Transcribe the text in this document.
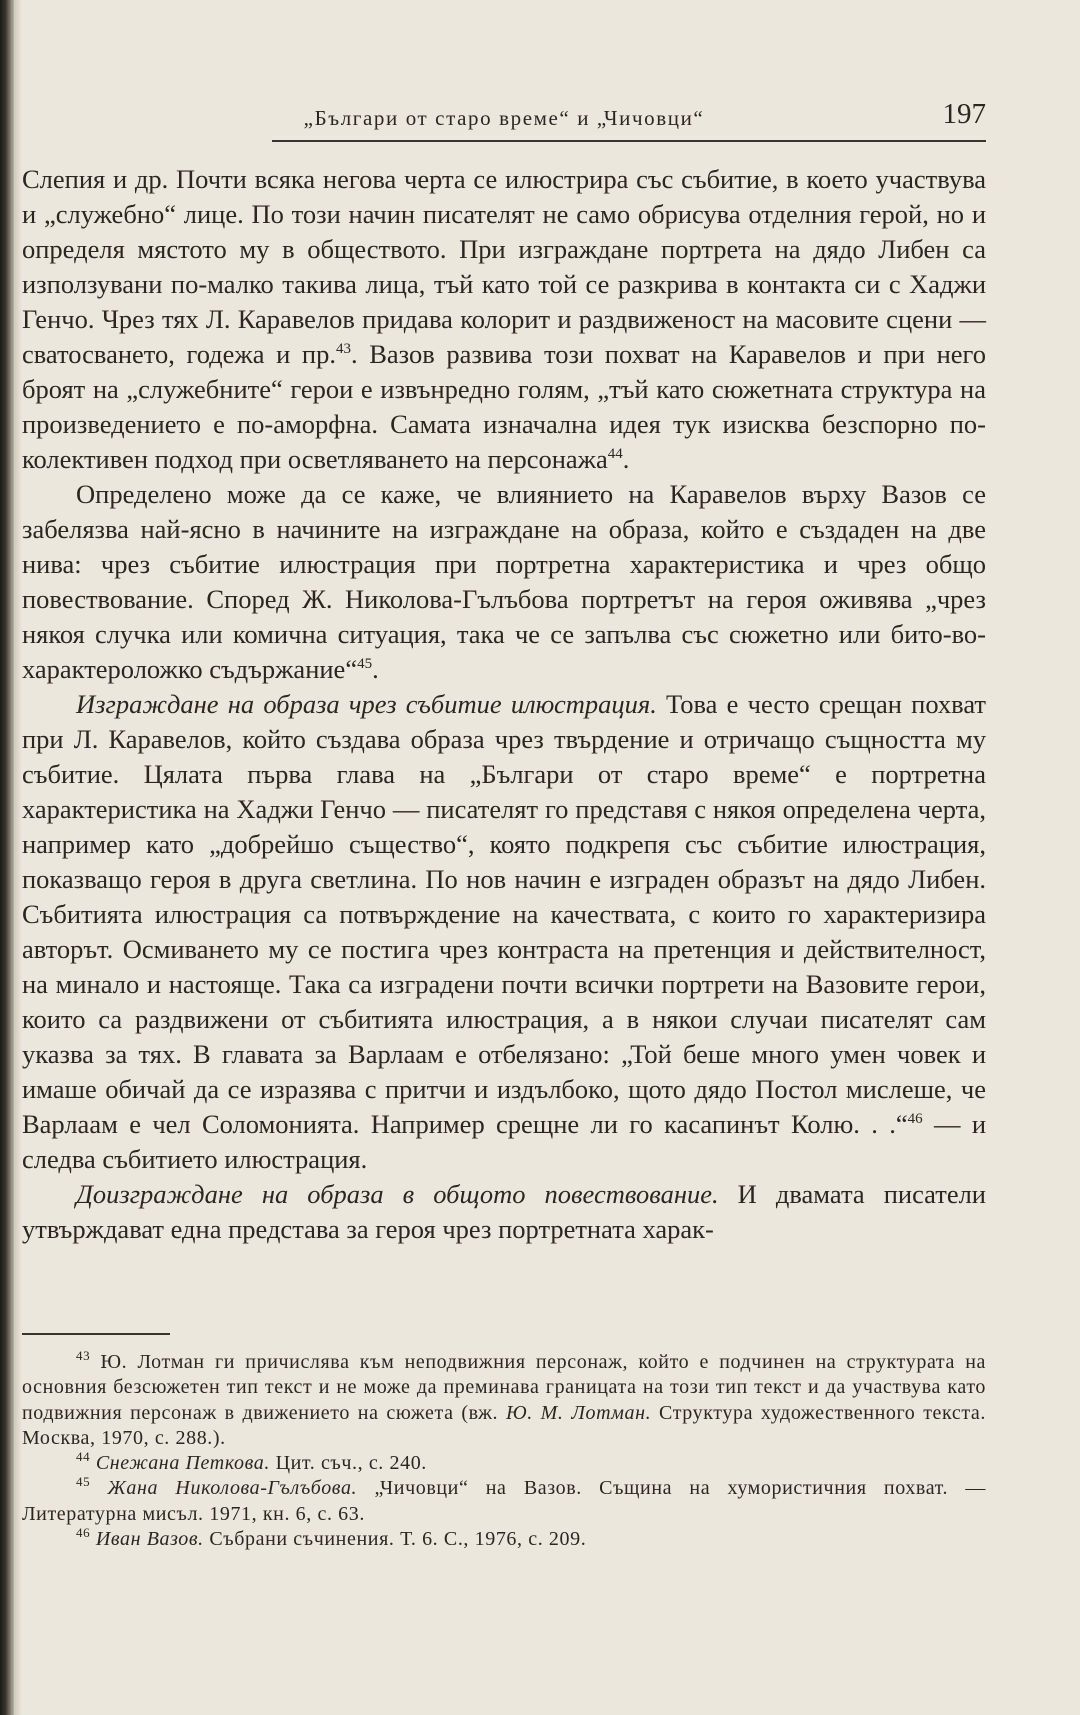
„Българи от старо време“ и „Чичовци“	197

Слепия и др. Почти всяка негова черта се илюстрира със събитие, в което участвува и „служебно“ лице. По този начин писателят не само обрисува отделния герой, но и определя мястото му в обществото. При изграждане портрета на дядо Либен са използувани по-малко такива лица, тъй като той се разкрива в контакта си с Хаджи Генчо. Чрез тях Л. Каравелов придава колорит и раздвиженост на масовите сцени — сватосването, годежа и пр.$^{43}$. Вазов развива този похват на Каравелов и при него броят на „служебните“ герои е извънредно голям, „тъй като сюжетната структура на произведението е по-аморфна. Самата изначална идея тук изисква безспорно по-колективен подход при осветляването на персонажа$^{44}$.

Определено може да се каже, че влиянието на Каравелов върху Вазов се забелязва най-ясно в начините на изграждане на образа, който е създаден на две нива: чрез събитие илюстрация при портретна характеристика и чрез общо повествование. Според Ж. Николова-Гълъбова портретът на героя оживява „чрез някоя случка или комична ситуация, така че се запълва със сюжетно или бито-во-характероложко съдържание“$^{45}$.

Изграждане на образа чрез събитие илюстрация. Това е често срещан похват при Л. Каравелов, който създава образа чрез твърдение и отричащо същността му събитие. Цялата първа глава на „Българи от старо време“ е портретна характеристика на Хаджи Генчо — писателят го представя с някоя определена черта, например като „добрейшо същество“, която подкрепя със събитие илюстрация, показващо героя в друга светлина. По нов начин е изграден образът на дядо Либен. Събитията илюстрация са потвърждение на качествата, с които го характеризира авторът. Осмиването му се постига чрез контраста на претенция и действителност, на минало и настояще. Така са изградени почти всички портрети на Вазовите герои, които са раздвижени от събитията илюстрация, а в някои случаи писателят сам указва за тях. В главата за Варлаам е отбелязано: „Той беше много умен човек и имаше обичай да се изразява с притчи и издълбоко, щото дядо Постол мислеше, че Варлаам е чел Соломонията. Например срещне ли го касапинът Колю. . .“$^{46}$ — и следва събитието илюстрация.

Доизграждане на образа в общото повествование. И двамата писатели утвърждават една представа за героя чрез портретната харак-

$^{43}$ Ю. Лотман ги причислява към неподвижния персонаж, който е подчинен на структурата на основния безсюжетен тип текст и не може да преминава границата на този тип текст и да участвува като подвижния персонаж в движението на сюжета (вж. Ю. М. Лотман. Структура художественного текста. Москва, 1970, с. 288.).

$^{44}$ Снежана Петкова. Цит. съч., с. 240.

$^{45}$ Жана Николова-Гълъбова. „Чичовци“ на Вазов. Същина на хумористичния похват. — Литературна мисъл. 1971, кн. 6, с. 63.

$^{46}$ Иван Вазов. Събрани съчинения. Т. 6. С., 1976, с. 209.
